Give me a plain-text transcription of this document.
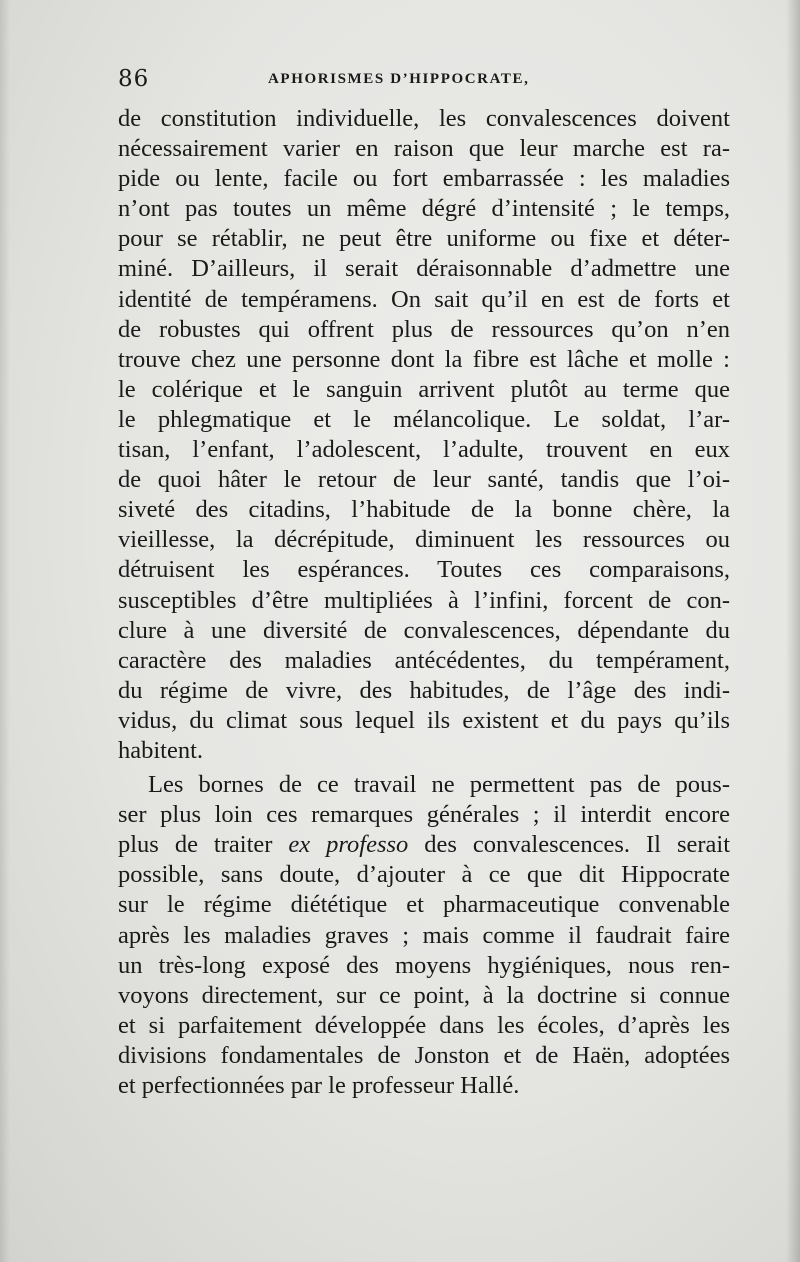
86	APHORISMES D’HIPPOCRATE,
de constitution individuelle, les convalescences doivent
nécessairement varier en raison que leur marche est ra-
pide ou lente, facile ou fort embarrassée : les maladies
n’ont pas toutes un même dégré d’intensité ; le temps,
pour se rétablir, ne peut être uniforme ou fixe et déter-
miné. D’ailleurs, il serait déraisonnable d’admettre une
identité de tempéramens. On sait qu’il en est de forts et
de robustes qui offrent plus de ressources qu’on n’en
trouve chez une personne dont la fibre est lâche et molle :
le colérique et le sanguin arrivent plutôt au terme que
le phlegmatique et le mélancolique. Le soldat, l’ar-
tisan, l’enfant, l’adolescent, l’adulte, trouvent en eux
de quoi hâter le retour de leur santé, tandis que l’oi-
siveté des citadins, l’habitude de la bonne chère, la
vieillesse, la décrépitude, diminuent les ressources ou
détruisent les espérances. Toutes ces comparaisons,
susceptibles d’être multipliées à l’infini, forcent de con-
clure à une diversité de convalescences, dépendante du
caractère des maladies antécédentes, du tempérament,
du régime de vivre, des habitudes, de l’âge des indi-
vidus, du climat sous lequel ils existent et du pays qu’ils
habitent.
Les bornes de ce travail ne permettent pas de pous-
ser plus loin ces remarques générales ; il interdit encore
plus de traiter ex professo des convalescences. Il serait
possible, sans doute, d’ajouter à ce que dit Hippocrate
sur le régime diététique et pharmaceutique convenable
après les maladies graves ; mais comme il faudrait faire
un très-long exposé des moyens hygiéniques, nous ren-
voyons directement, sur ce point, à la doctrine si connue
et si parfaitement développée dans les écoles, d’après les
divisions fondamentales de Jonston et de Haën, adoptées
et perfectionnées par le professeur Hallé.
